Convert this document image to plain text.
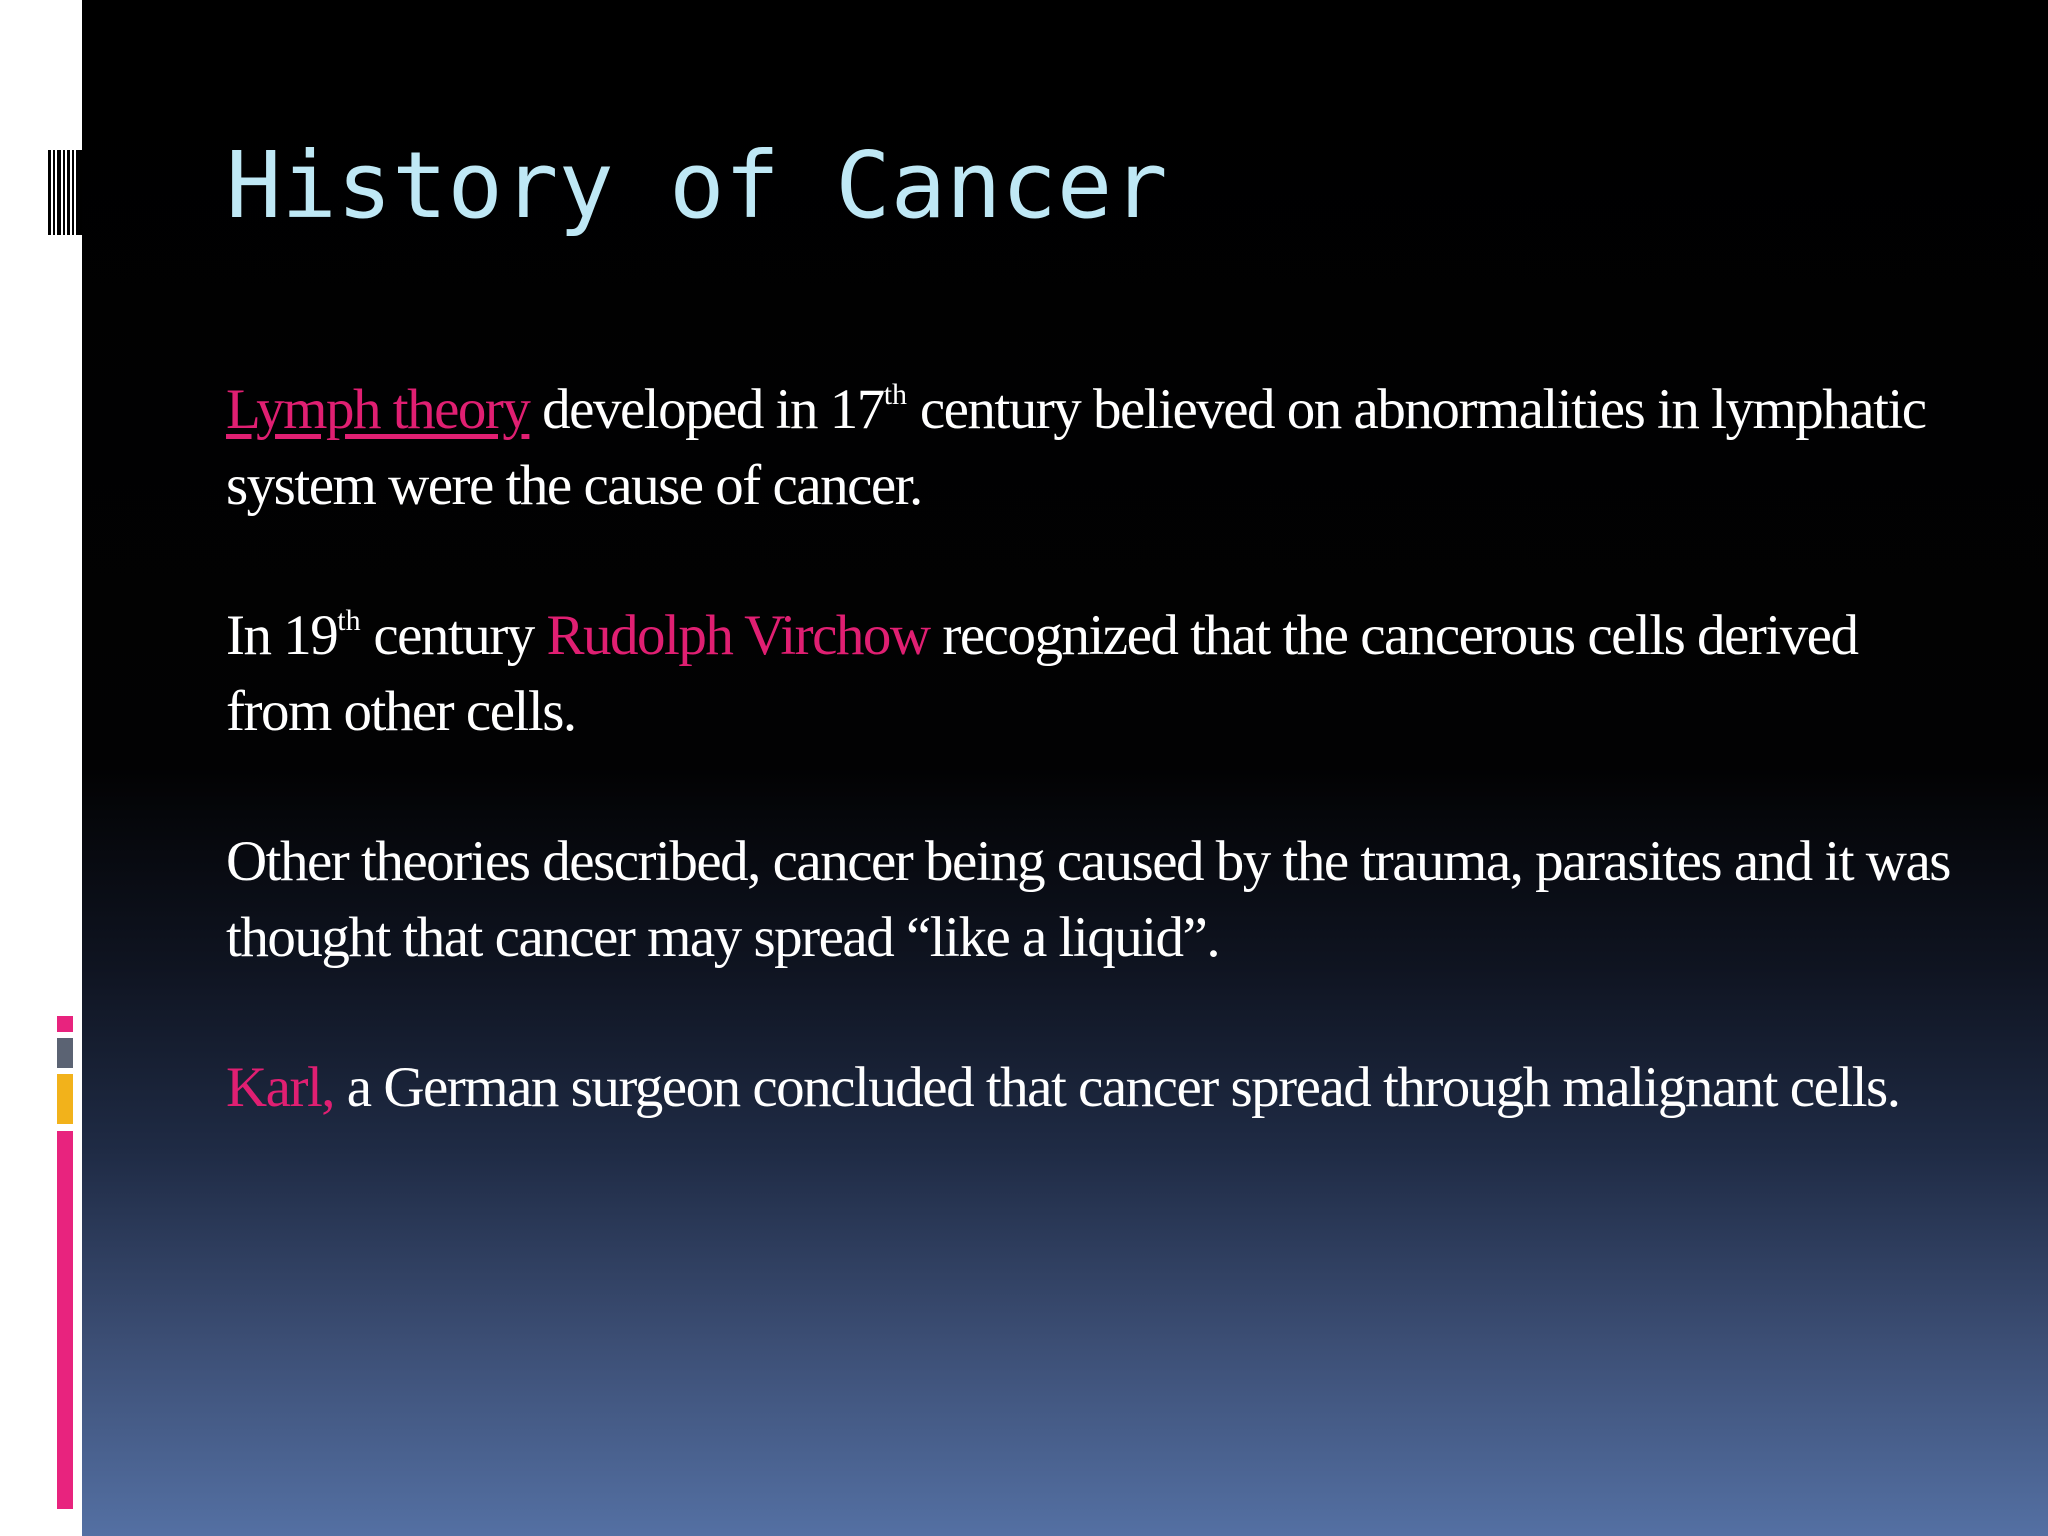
History of Cancer

Lymph theory developed in 17th century believed on abnormalities in lymphatic system were the cause of cancer.

In 19th century Rudolph Virchow recognized that the cancerous cells derived from other cells.

Other theories described, cancer being caused by the trauma, parasites and it was thought that cancer may spread “like a liquid”.

Karl, a German surgeon concluded that cancer spread through malignant cells.
